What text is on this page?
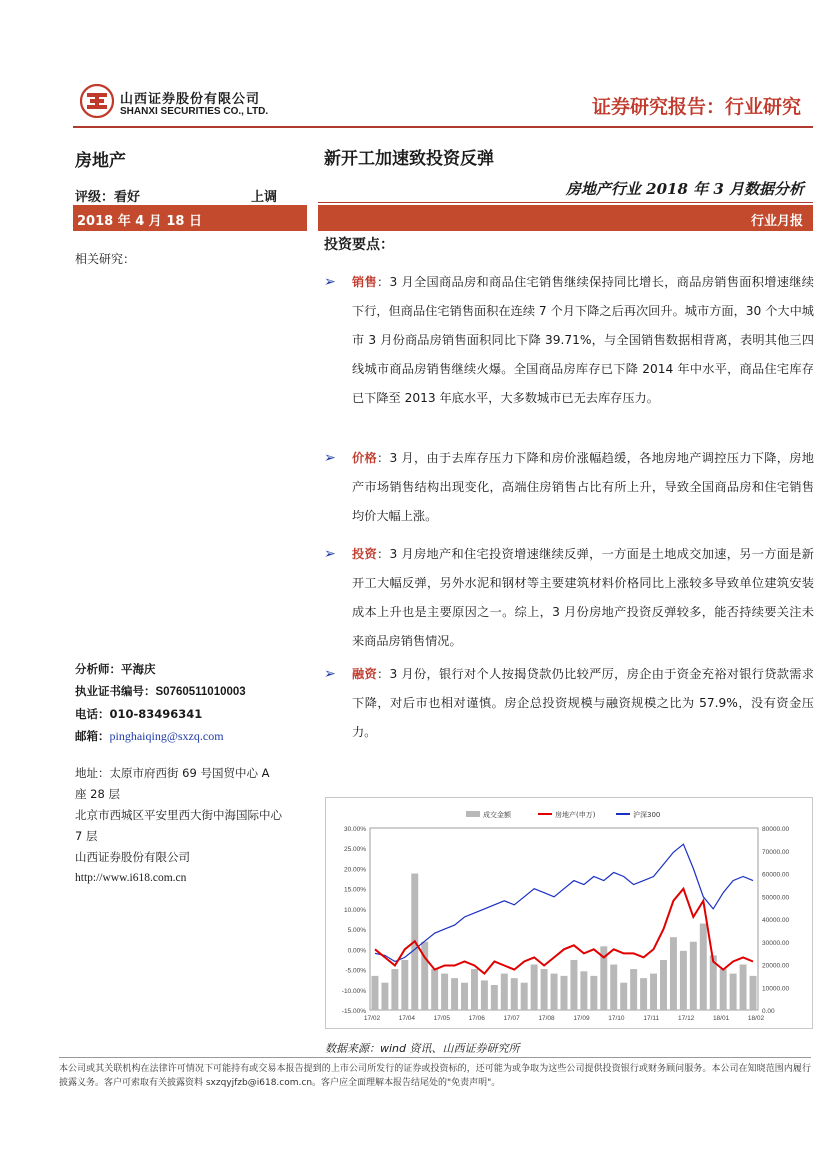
山西证券股份有限公司
SHANXI SECURITIES CO., LTD.	证券研究报告：行业研究
房地产
评级：看好	上调
2018 年 4 月 18 日
相关研究：
分析师：平海庆
执业证书编号：S0760511010003
电话：010-83496341
邮箱：pinghaiqing@sxzq.com
地址：太原市府西街 69 号国贸中心 A
座 28 层
北京市西城区平安里西大街中海国际中心
7 层
山西证券股份有限公司
http://www.i618.com.cn
新开工加速致投资反弹
房地产行业 2018 年 3 月数据分析
行业月报
投资要点：
➢ 销售：3 月全国商品房和商品住宅销售继续保持同比增长，商品房销售面积增速继续下行，但商品住宅销售面积在连续 7 个月下降之后再次回升。城市方面，30 个大中城市 3 月份商品房销售面积同比下降 39.71%，与全国销售数据相背离，表明其他三四线城市商品房销售继续火爆。全国商品房库存已下降 2014 年中水平，商品住宅库存已下降至 2013 年底水平，大多数城市已无去库存压力。
➢ 价格：3 月，由于去库存压力下降和房价涨幅趋缓，各地房地产调控压力下降，房地产市场销售结构出现变化，高端住房销售占比有所上升，导致全国商品房和住宅销售均价大幅上涨。
➢ 投资：3 月房地产和住宅投资增速继续反弹，一方面是土地成交加速，另一方面是新开工大幅反弹，另外水泥和钢材等主要建筑材料价格同比上涨较多导致单位建筑安装成本上升也是主要原因之一。综上，3 月份房地产投资反弹较多，能否持续要关注未来商品房销售情况。
➢ 融资：3 月份，银行对个人按揭贷款仍比较严厉，房企由于资金充裕对银行贷款需求下降，对后市也相对谨慎。房企总投资规模与融资规模之比为 57.9%，没有资金压力。
30.00%
25.00%
20.00%
15.00%
10.00%
5.00%
0.00%
-5.00%
-10.00%
-15.00%
80000.00
70000.00
60000.00
50000.00
40000.00
30000.00
20000.00
10000.00
0.00
17/02	17/04	17/05	17/06	17/07	17/08	17/09	17/10	17/11	17/12	18/01	18/02
成交金额	房地产(申万)	沪深300
数据来源：wind 资讯、山西证券研究所
本公司或其关联机构在法律许可情况下可能持有或交易本报告提到的上市公司所发行的证券或投资标的，还可能为或争取为这些公司提供投资银行或财务顾问服务。本公司在知晓范围内履行披露义务。客户可索取有关披露资料 sxzqyjfzb@i618.com.cn。客户应全面理解本报告结尾处的"免责声明"。
